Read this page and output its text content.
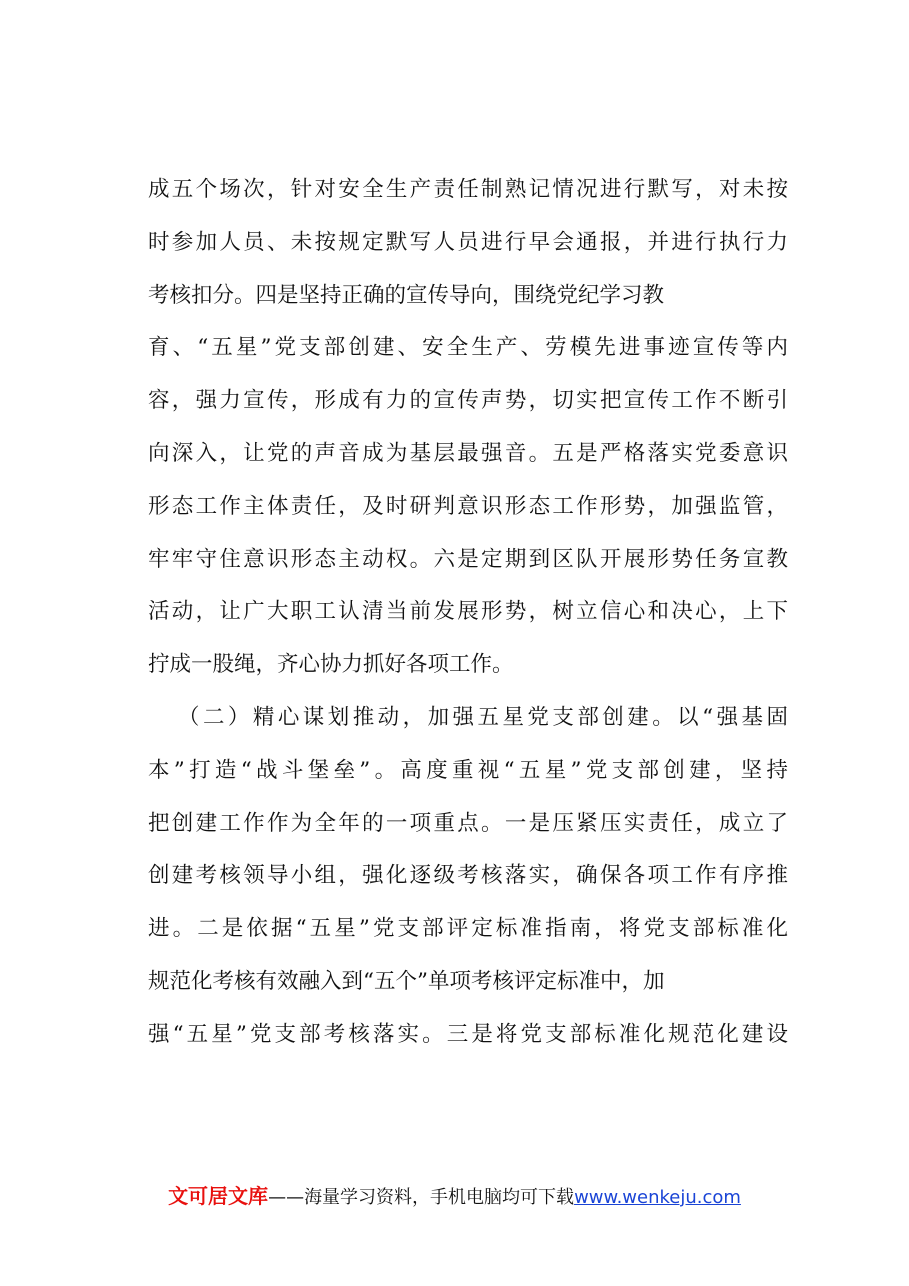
成五个场次，针对安全生产责任制熟记情况进行默写，对未按
时参加人员、未按规定默写人员进行早会通报，并进行执行力
考核扣分。四是坚持正确的宣传导向，围绕党纪学习教
育、“五星”党支部创建、安全生产、劳模先进事迹宣传等内
容，强力宣传，形成有力的宣传声势，切实把宣传工作不断引
向深入，让党的声音成为基层最强音。五是严格落实党委意识
形态工作主体责任，及时研判意识形态工作形势，加强监管，
牢牢守住意识形态主动权。六是定期到区队开展形势任务宣教
活动，让广大职工认清当前发展形势，树立信心和决心，上下
拧成一股绳，齐心协力抓好各项工作。
（二）精心谋划推动，加强五星党支部创建。以“强基固
本”打造“战斗堡垒”。高度重视“五星”党支部创建，坚持
把创建工作作为全年的一项重点。一是压紧压实责任，成立了
创建考核领导小组，强化逐级考核落实，确保各项工作有序推
进。二是依据“五星”党支部评定标准指南，将党支部标准化
规范化考核有效融入到“五个”单项考核评定标准中，加
强“五星”党支部考核落实。三是将党支部标准化规范化建设
文可居文库——海量学习资料，手机电脑均可下载www.wenkeju.com
